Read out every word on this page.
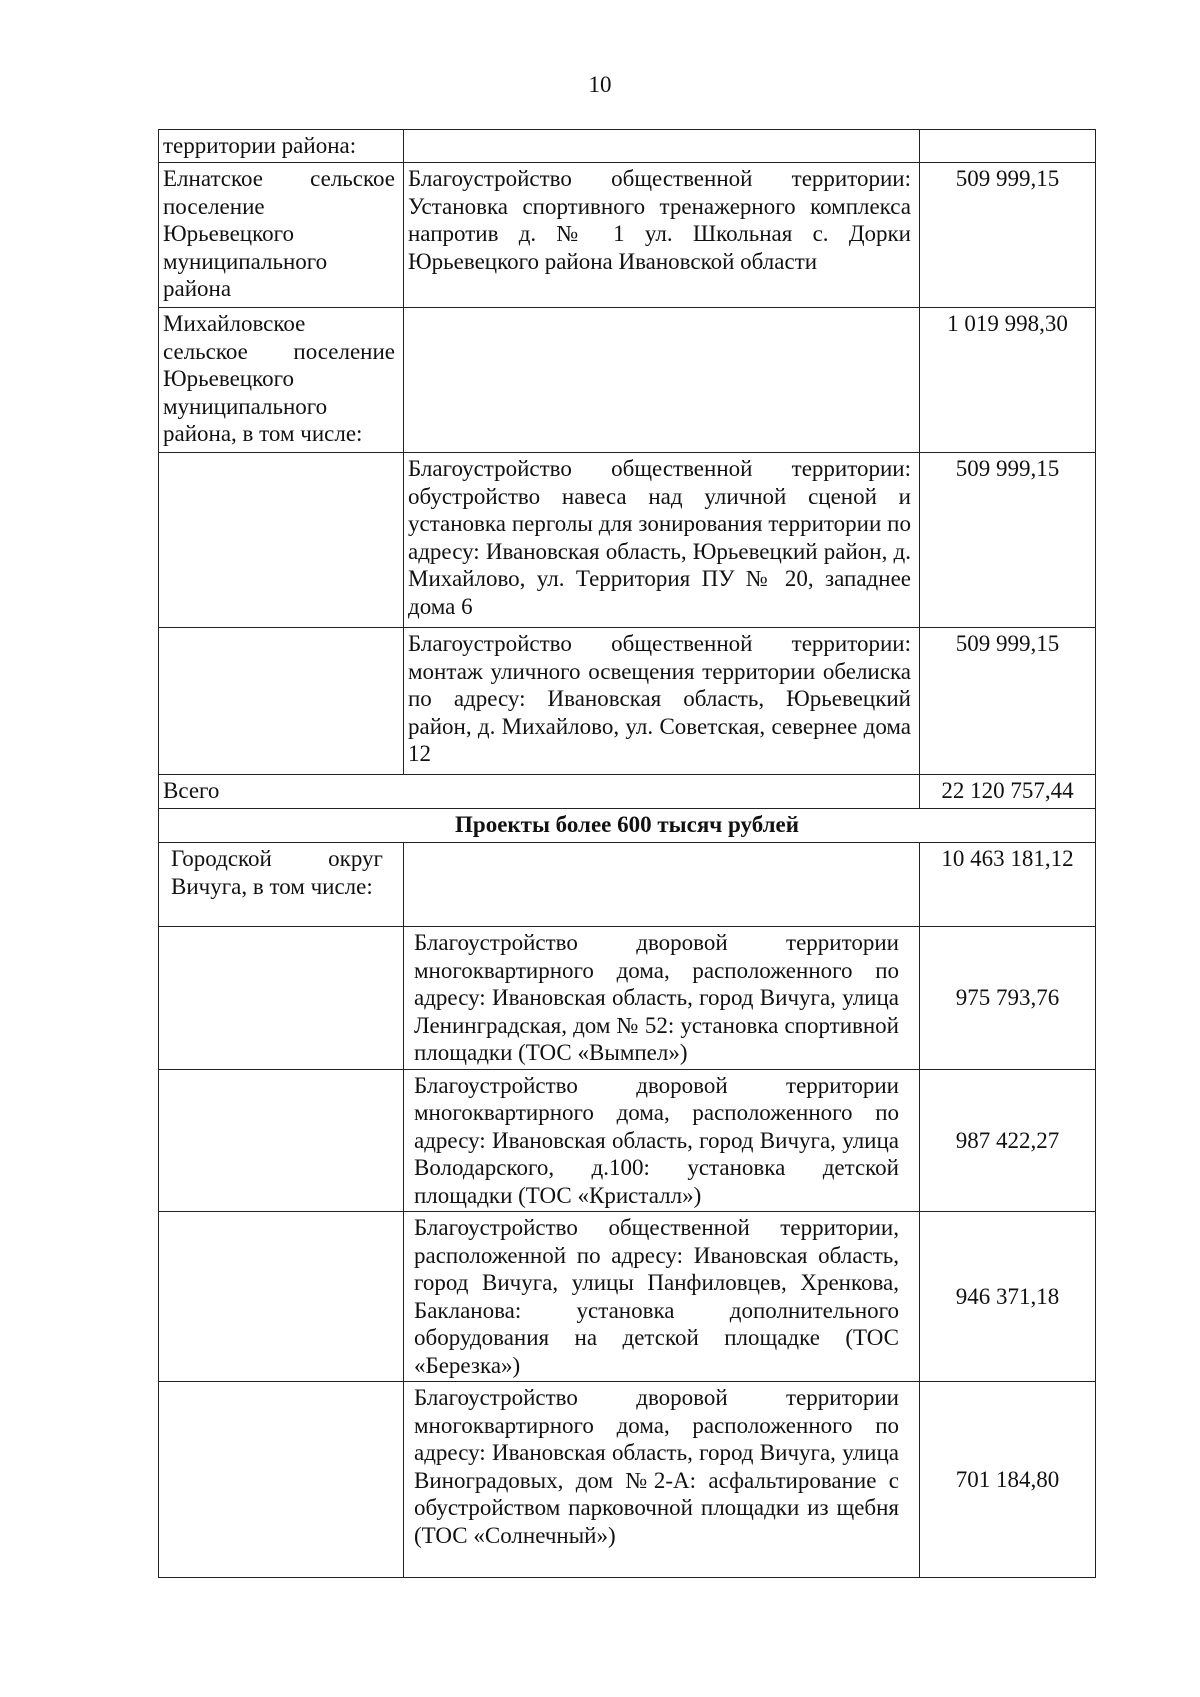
10
территории района:		
Елнатское сельское поселение Юрьевецкого муниципального района	Благоустройство общественной территории: Установка спортивного тренажерного комплекса напротив д. № 1 ул. Школьная с. Дорки Юрьевецкого района Ивановской области	509 999,15
Михайловское сельское поселение Юрьевецкого муниципального района, в том числе:		1 019 998,30
	Благоустройство общественной территории: обустройство навеса над уличной сценой и установка перголы для зонирования территории по адресу: Ивановская область, Юрьевецкий район, д. Михайлово, ул. Территория ПУ № 20, западнее дома 6	509 999,15
	Благоустройство общественной территории: монтаж уличного освещения территории обелиска по адресу: Ивановская область, Юрьевецкий район, д. Михайлово, ул. Советская, севернее дома 12	509 999,15
Всего		22 120 757,44
Проекты более 600 тысяч рублей		
Городской округ Вичуга, в том числе:		10 463 181,12
	Благоустройство дворовой территории многоквартирного дома, расположенного по адресу: Ивановская область, город Вичуга, улица Ленинградская, дом № 52: установка спортивной площадки (ТОС «Вымпел»)	975 793,76
	Благоустройство дворовой территории многоквартирного дома, расположенного по адресу: Ивановская область, город Вичуга, улица Володарского, д.100: установка детской площадки (ТОС «Кристалл»)	987 422,27
	Благоустройство общественной территории, расположенной по адресу: Ивановская область, город Вичуга, улицы Панфиловцев, Хренкова, Бакланова: установка дополнительного оборудования на детской площадке (ТОС «Березка»)	946 371,18
	Благоустройство дворовой территории многоквартирного дома, расположенного по адресу: Ивановская область, город Вичуга, улица Виноградовых, дом №2-А: асфальтирование с обустройством парковочной площадки из щебня (ТОС «Солнечный»)	701 184,80
